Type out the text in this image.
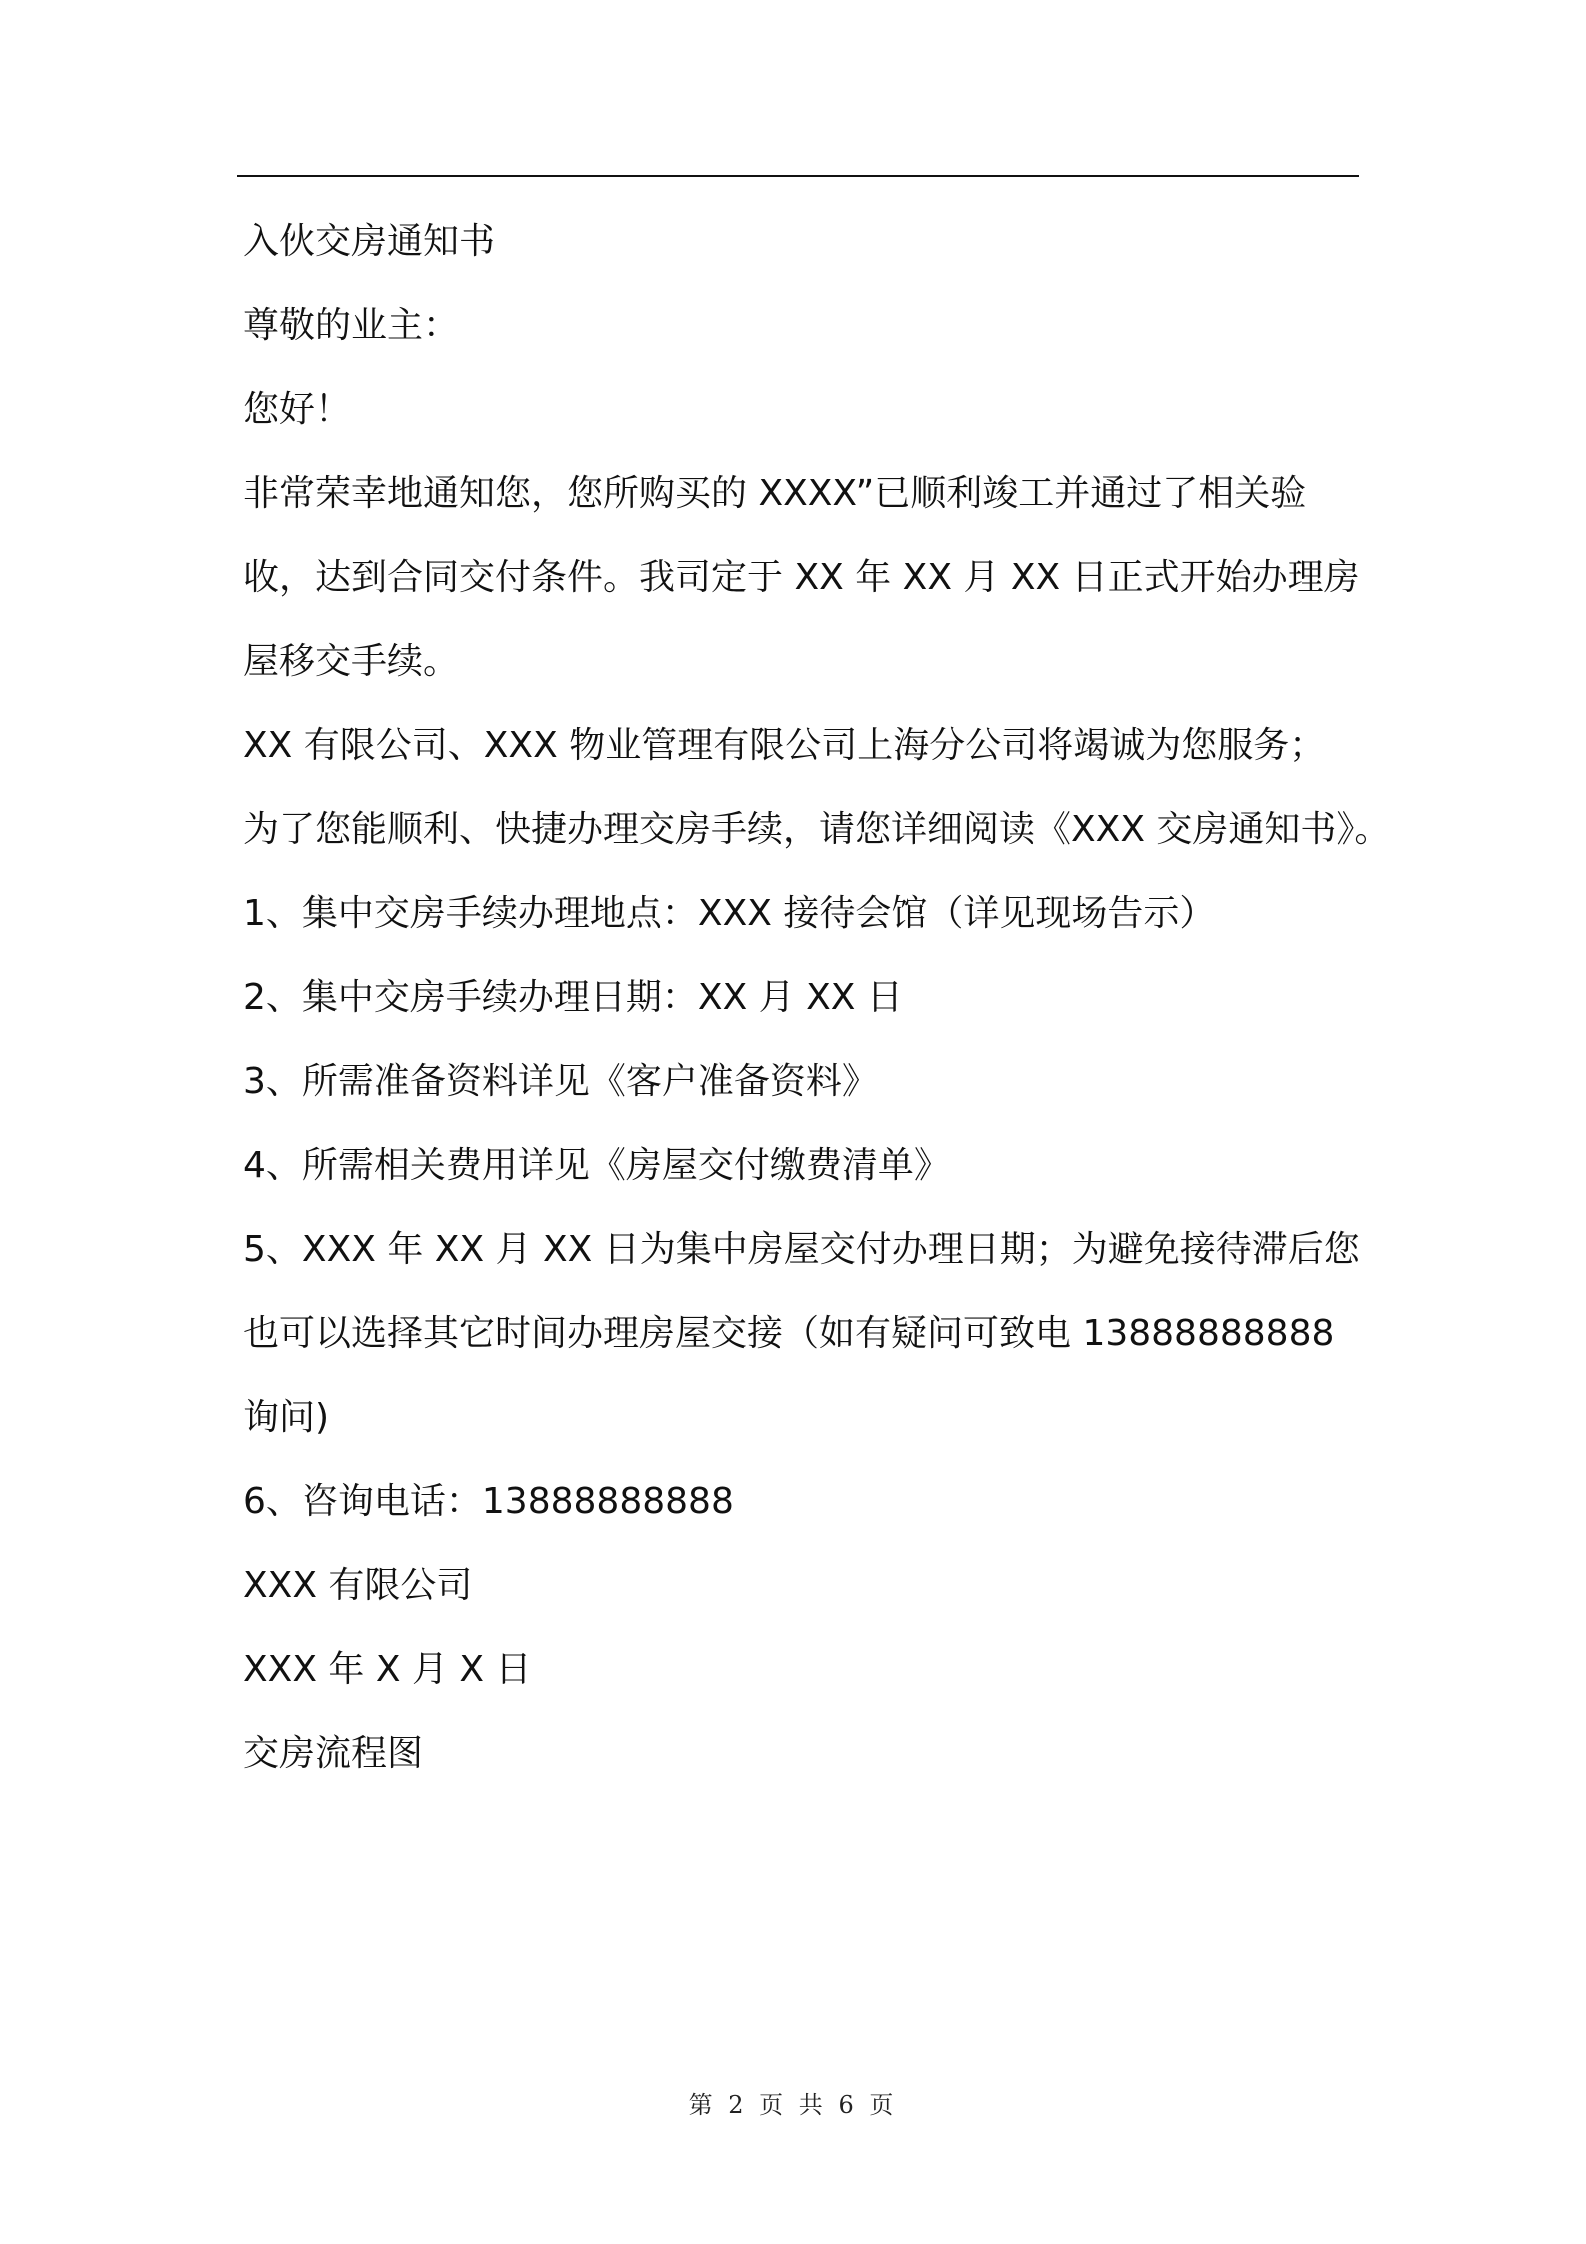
入伙交房通知书
尊敬的业主：
您好！
非常荣幸地通知您，您所购买的 XXXX”已顺利竣工并通过了相关验
收，达到合同交付条件。我司定于 XX 年 XX 月 XX 日正式开始办理房
屋移交手续。
XX 有限公司、XXX 物业管理有限公司上海分公司将竭诚为您服务；
为了您能顺利、快捷办理交房手续，请您详细阅读《XXX 交房通知书》。
1、集中交房手续办理地点：XXX 接待会馆（详见现场告示）
2、集中交房手续办理日期：XX 月 XX 日
3、所需准备资料详见《客户准备资料》
4、所需相关费用详见《房屋交付缴费清单》
5、XXX 年 XX 月 XX 日为集中房屋交付办理日期；为避免接待滞后您
也可以选择其它时间办理房屋交接（如有疑问可致电 13888888888
询问)
6、咨询电话：13888888888
XXX 有限公司
XXX 年 X 月 X 日
交房流程图
第 2 页 共 6 页
